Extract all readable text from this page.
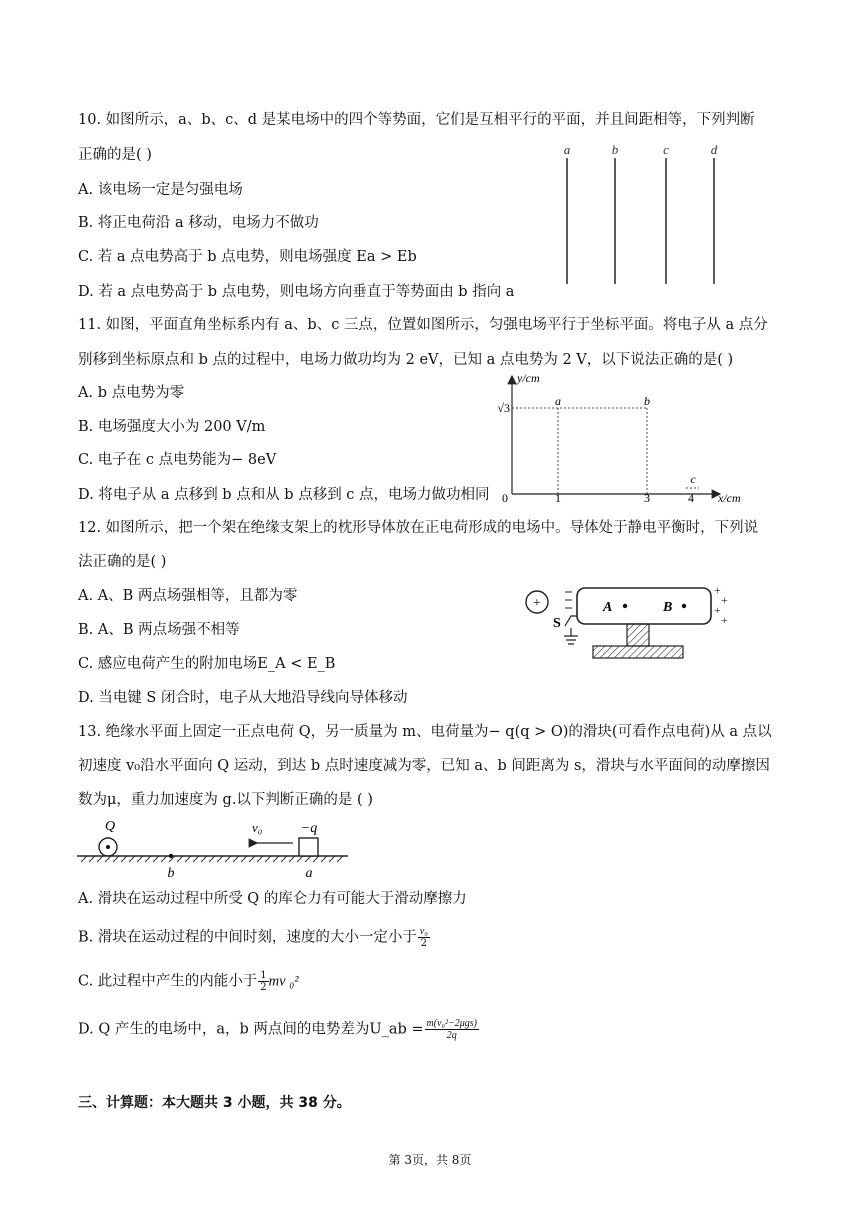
10. 如图所示，a、b、c、d 是某电场中的四个等势面，它们是互相平行的平面，并且间距相等，下列判断
正确的是( )
A. 该电场一定是匀强电场
B. 将正电荷沿 a 移动，电场力不做功
C. 若 a 点电势高于 b 点电势，则电场强度 Ea > Eb
D. 若 a 点电势高于 b 点电势，则电场方向垂直于等势面由 b 指向 a
a	b	c	d
11. 如图，平面直角坐标系内有 a、b、c 三点，位置如图所示，匀强电场平行于坐标平面。将电子从 a 点分
别移到坐标原点和 b 点的过程中，电场力做功均为 2 eV，已知 a 点电势为 2 V，以下说法正确的是( )
A. b 点电势为零
B. 电场强度大小为 200 V/m
C. 电子在 c 点电势能为− 8eV
D. 将电子从 a 点移到 b 点和从 b 点移到 c 点，电场力做功相同
y/cm
x/cm
0
√3
1	3	4
a	b
c
12. 如图所示，把一个架在绝缘支架上的枕形导体放在正电荷形成的电场中。导体处于静电平衡时，下列说
法正确的是( )
A. A、B 两点场强相等，且都为零
B. A、B 两点场强不相等
C. 感应电荷产生的附加电场E_A < E_B
D. 当电键 S 闭合时，电子从大地沿导线向导体移动
+	A	B
+
+
+
+
S
13. 绝缘水平面上固定一正点电荷 Q，另一质量为 m、电荷量为− q(q > O)的滑块(可看作点电荷)从 a 点以
初速度 v₀沿水平面向 Q 运动，到达 b 点时速度减为零，已知 a、b 间距离为 s，滑块与水平面间的动摩擦因
数为μ，重力加速度为 g.以下判断正确的是 ( )
Q
b
−q
a
v₀
A. 滑块在运动过程中所受 Q 的库仑力有可能大于滑动摩擦力
B. 滑块在运动过程的中间时刻，速度的大小一定小于 $\frac{\text{v₀}}{2}$
C. 此过程中产生的内能小于 $\frac{1}{2}$ mv ₀²
D. Q 产生的电场中，a，b 两点间的电势差为U_ab = $\frac{\text{m(v₀²−2μgs)}}{2q}$
三、计算题：本大题共 3 小题，共 38 分。
第 3页，共 8页
